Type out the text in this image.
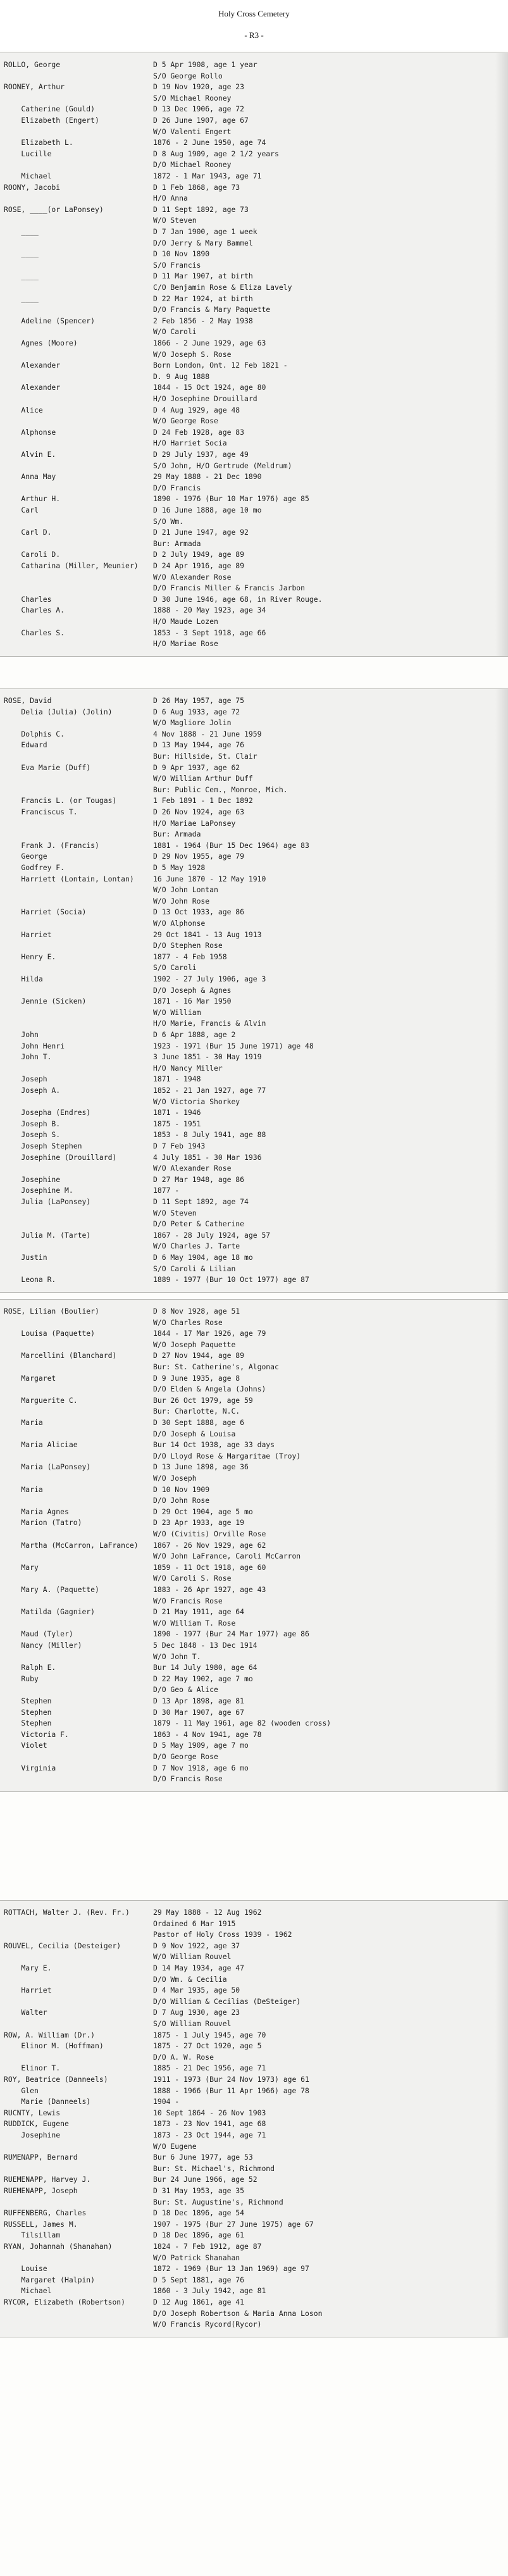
Holy Cross Cemetery
- R3 -
ROLLO, George	D 5 Apr 1908, age 1 year
S/O George Rollo
ROONEY, Arthur	D 19 Nov 1920, age 23
S/O Michael Rooney
Catherine (Gould)	D 13 Dec 1906, age 72
Elizabeth (Engert)	D 26 June 1907, age 67
W/O Valenti Engert
Elizabeth L.	1876 - 2 June 1950, age 74
Lucille	D 8 Aug 1909, age 2 1/2 years
D/O Michael Rooney
Michael	1872 - 1 Mar 1943, age 71
ROONY, Jacobi	D 1 Feb 1868, age 73
H/O Anna
ROSE, ____(or LaPonsey)	D 11 Sept 1892, age 73
W/O Steven
____	D 7 Jan 1900, age 1 week
D/O Jerry & Mary Bammel
____	D 10 Nov 1890
S/O Francis
____	D 11 Mar 1907, at birth
C/O Benjamin Rose & Eliza Lavely
____	D 22 Mar 1924, at birth
D/O Francis & Mary Paquette
Adeline (Spencer)	2 Feb 1856 - 2 May 1938
W/O Caroli
Agnes (Moore)	1866 - 2 June 1929, age 63
W/O Joseph S. Rose
Alexander	Born London, Ont. 12 Feb 1821 -
D. 9 Aug 1888
Alexander	1844 - 15 Oct 1924, age 80
H/O Josephine Drouillard
Alice	D 4 Aug 1929, age 48
W/O George Rose
Alphonse	D 24 Feb 1928, age 83
H/O Harriet Socia
Alvin E.	D 29 July 1937, age 49
S/O John, H/O Gertrude (Meldrum)
Anna May	29 May 1888 - 21 Dec 1890
D/O Francis
Arthur H.	1890 - 1976 (Bur 10 Mar 1976) age 85
Carl	D 16 June 1888, age 10 mo
S/O Wm.
Carl D.	D 21 June 1947, age 92
Bur: Armada
Caroli D.	D 2 July 1949, age 89
Catharina (Miller, Meunier)	D 24 Apr 1916, age 89
W/O Alexander Rose
D/O Francis Miller & Francis Jarbon
Charles	D 30 June 1946, age 68, in River Rouge.
Charles A.	1888 - 20 May 1923, age 34
H/O Maude Lozen
Charles S.	1853 - 3 Sept 1918, age 66
H/O Mariae Rose
ROSE, David	D 26 May 1957, age 75
Delia (Julia) (Jolin)	D 6 Aug 1933, age 72
W/O Magliore Jolin
Dolphis C.	4 Nov 1888 - 21 June 1959
Edward	D 13 May 1944, age 76
Bur: Hillside, St. Clair
Eva Marie (Duff)	D 9 Apr 1937, age 62
W/O William Arthur Duff
Bur: Public Cem., Monroe, Mich.
Francis L. (or Tougas)	1 Feb 1891 - 1 Dec 1892
Franciscus T.	D 26 Nov 1924, age 63
H/O Mariae LaPonsey
Bur: Armada
Frank J. (Francis)	1881 - 1964 (Bur 15 Dec 1964) age 83
George	D 29 Nov 1955, age 79
Godfrey F.	D 5 May 1928
Harriett (Lontain, Lontan)	16 June 1870 - 12 May 1910
W/O John Lontan
W/O John Rose
Harriet (Socia)	D 13 Oct 1933, age 86
W/O Alphonse
Harriet	29 Oct 1841 - 13 Aug 1913
D/O Stephen Rose
Henry E.	1877 - 4 Feb 1958
S/O Caroli
Hilda	1902 - 27 July 1906, age 3
D/O Joseph & Agnes
Jennie (Sicken)	1871 - 16 Mar 1950
W/O William
H/O Marie, Francis & Alvin
John	D 6 Apr 1888, age 2
John Henri	1923 - 1971 (Bur 15 June 1971) age 48
John T.	3 June 1851 - 30 May 1919
H/O Nancy Miller
Joseph	1871 - 1948
Joseph A.	1852 - 21 Jan 1927, age 77
W/O Victoria Shorkey
Josepha (Endres)	1871 - 1946
Joseph B.	1875 - 1951
Joseph S.	1853 - 8 July 1941, age 88
Joseph Stephen	D 7 Feb 1943
Josephine (Drouillard)	4 July 1851 - 30 Mar 1936
W/O Alexander Rose
Josephine	D 27 Mar 1948, age 86
Josephine M.	1877 -
Julia (LaPonsey)	D 11 Sept 1892, age 74
W/O Steven
D/O Peter & Catherine
Julia M. (Tarte)	1867 - 28 July 1924, age 57
W/O Charles J. Tarte
Justin	D 6 May 1904, age 18 mo
S/O Caroli & Lilian
Leona R.	1889 - 1977 (Bur 10 Oct 1977) age 87
ROSE, Lilian (Boulier)	D 8 Nov 1928, age 51
W/O Charles Rose
Louisa (Paquette)	1844 - 17 Mar 1926, age 79
W/O Joseph Paquette
Marcellini (Blanchard)	D 27 Nov 1944, age 89
Bur: St. Catherine's, Algonac
Margaret	D 9 June 1935, age 8
D/O Elden & Angela (Johns)
Marguerite C.	Bur 26 Oct 1979, age 59
Bur: Charlotte, N.C.
Maria	D 30 Sept 1888, age 6
D/O Joseph & Louisa
Maria Aliciae	Bur 14 Oct 1938, age 33 days
D/O Lloyd Rose & Margaritae (Troy)
Maria (LaPonsey)	D 13 June 1898, age 36
W/O Joseph
Maria	D 10 Nov 1909
D/O John Rose
Maria Agnes	D 29 Oct 1904, age 5 mo
Marion (Tatro)	D 23 Apr 1933, age 19
W/O (Civitis) Orville Rose
Martha (McCarron, LaFrance)	1867 - 26 Nov 1929, age 62
W/O John LaFrance, Caroli McCarron
Mary	1859 - 11 Oct 1918, age 60
W/O Caroli S. Rose
Mary A. (Paquette)	1883 - 26 Apr 1927, age 43
W/O Francis Rose
Matilda (Gagnier)	D 21 May 1911, age 64
W/O William T. Rose
Maud (Tyler)	1890 - 1977 (Bur 24 Mar 1977) age 86
Nancy (Miller)	5 Dec 1848 - 13 Dec 1914
W/O John T.
Ralph E.	Bur 14 July 1980, age 64
Ruby	D 22 May 1902, age 7 mo
D/O Geo & Alice
Stephen	D 13 Apr 1898, age 81
Stephen	D 30 Mar 1907, age 67
Stephen	1879 - 11 May 1961, age 82 (wooden cross)
Victoria F.	1863 - 4 Nov 1941, age 78
Violet	D 5 May 1909, age 7 mo
D/O George Rose
Virginia	D 7 Nov 1918, age 6 mo
D/O Francis Rose
ROTTACH, Walter J. (Rev. Fr.)	29 May 1888 - 12 Aug 1962
Ordained 6 Mar 1915
Pastor of Holy Cross 1939 - 1962
ROUVEL, Cecilia (Desteiger)	D 9 Nov 1922, age 37
W/O William Rouvel
Mary E.	D 14 May 1934, age 47
D/O Wm. & Cecilia
Harriet	D 4 Mar 1935, age 50
D/O William & Cecilias (DeSteiger)
Walter	D 7 Aug 1930, age 23
S/O William Rouvel
ROW, A. William (Dr.)	1875 - 1 July 1945, age 70
Elinor M. (Hoffman)	1875 - 27 Oct 1920, age 5
D/O A. W. Rose
Elinor T.	1885 - 21 Dec 1956, age 71
ROY, Beatrice (Danneels)	1911 - 1973 (Bur 24 Nov 1973) age 61
Glen	1888 - 1966 (Bur 11 Apr 1966) age 78
Marie (Danneels)	1904 -
RUCNTY, Lewis	10 Sept 1864 - 26 Nov 1903
RUDDICK, Eugene	1873 - 23 Nov 1941, age 68
Josephine	1873 - 23 Oct 1944, age 71
W/O Eugene
RUMENAPP, Bernard	Bur 6 June 1977, age 53
Bur: St. Michael's, Richmond
RUEMENAPP, Harvey J.	Bur 24 June 1966, age 52
RUEMENAPP, Joseph	D 31 May 1953, age 35
Bur: St. Augustine's, Richmond
RUFFENBERG, Charles	D 18 Dec 1896, age 54
RUSSELL, James M.	1907 - 1975 (Bur 27 June 1975) age 67
Tilsillam	D 18 Dec 1896, age 61
RYAN, Johannah (Shanahan)	1824 - 7 Feb 1912, age 87
W/O Patrick Shanahan
Louise	1872 - 1969 (Bur 13 Jan 1969) age 97
Margaret (Halpin)	D 5 Sept 1881, age 76
Michael	1860 - 3 July 1942, age 81
RYCOR, Elizabeth (Robertson)	D 12 Aug 1861, age 41
D/O Joseph Robertson & Maria Anna Loson
W/O Francis Rycord(Rycor)
